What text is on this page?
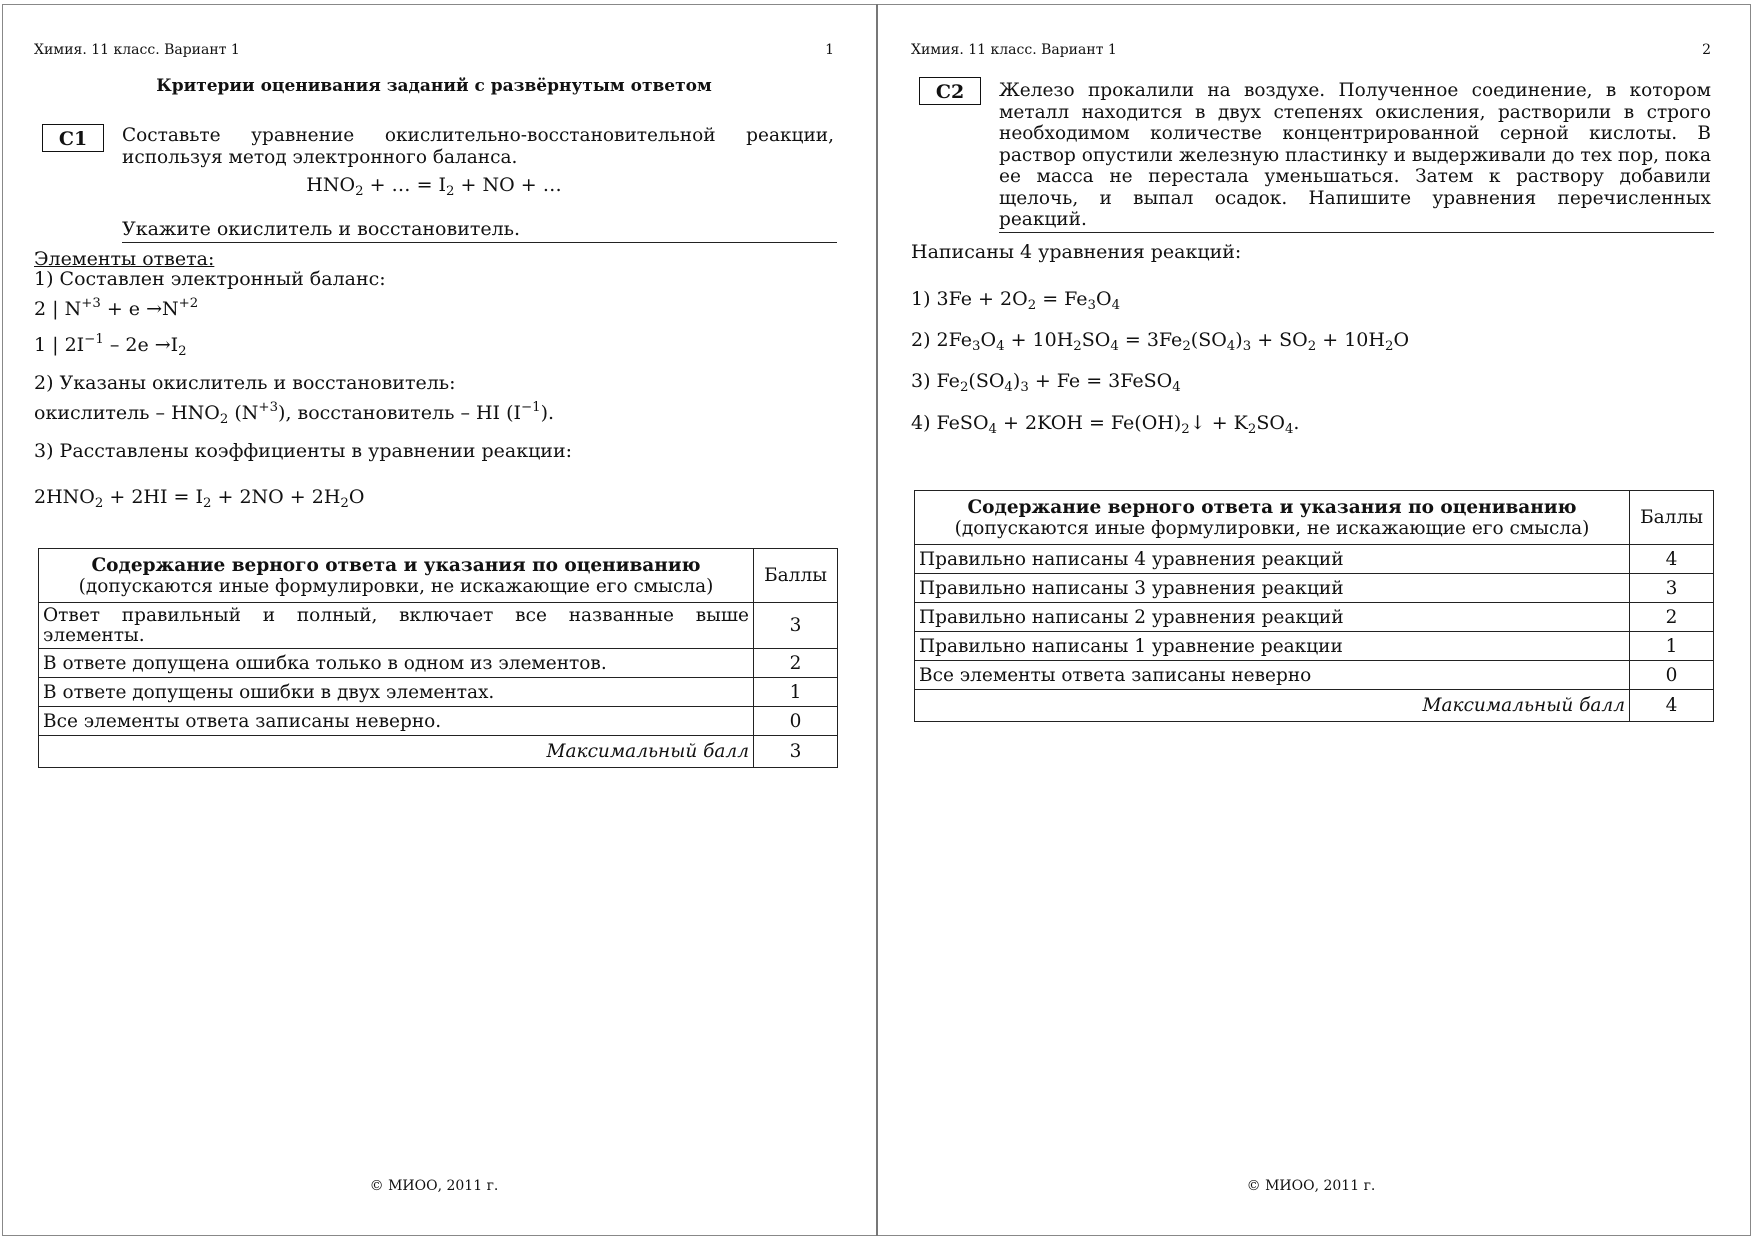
Химия. 11 класс. Вариант 1	1
Критерии оценивания заданий с развёрнутым ответом
С1	Составьте уравнение окислительно-восстановительной реакции, используя метод электронного баланса.
$HNO_2$ + … = $I_2$ + NO + …
Укажите окислитель и восстановитель.
Элементы ответа:
1) Составлен электронный баланс:
2 | $N^{+3} + e \to N^{+2}$
1 | $2I^{-1} - 2e \to I_2$
2) Указаны окислитель и восстановитель:
окислитель – $HNO_2$ $(N^{+3})$, восстановитель – HI $(I^{-1})$.
3) Расставлены коэффициенты в уравнении реакции:
$2HNO_2 + 2HI = I_2 + 2NO + 2H_2O$
Содержание верного ответа и указания по оцениванию
(допускаются иные формулировки, не искажающие его смысла)	Баллы

Ответ правильный и полный, включает все названные выше
элементы.	3
В ответе допущена ошибка только в одном из элементов.	2
В ответе допущены ошибки в двух элементах.	1
Все элементы ответа записаны неверно.	0
Максимальный балл	3
© МИОО, 2011 г.
Химия. 11 класс. Вариант 1	2
С2	Железо прокалили на воздухе. Полученное соединение, в котором металл находится в двух степенях окисления, растворили в строго необходимом количестве концентрированной серной кислоты. В раствор опустили железную пластинку и выдерживали до тех пор, пока ее масса не перестала уменьшаться. Затем к раствору добавили щелочь, и выпал осадок. Напишите уравнения перечисленных реакций.
Написаны 4 уравнения реакций:
1) $3Fe + 2O_2 = Fe_3O_4$
2) $2Fe_3O_4 + 10H_2SO_4 = 3Fe_2(SO_4)_3 + SO_2 + 10H_2O$
3) $Fe_2(SO_4)_3 + Fe$ = 3FeSO$_4$
4) FeSO$_4$ + $2KOH = Fe(OH)_2↓ + K_2SO_4$.
Содержание верного ответа и указания по оцениванию
(допускаются иные формулировки, не искажающие его смысла)	Баллы
Правильно написаны 4 уравнения реакций	4
Правильно написаны 3 уравнения реакций	3
Правильно написаны 2 уравнения реакций	2
Правильно написаны 1 уравнение реакции	1
Все элементы ответа записаны неверно	0
Максимальный балл	4
© МИОО, 2011 г.
